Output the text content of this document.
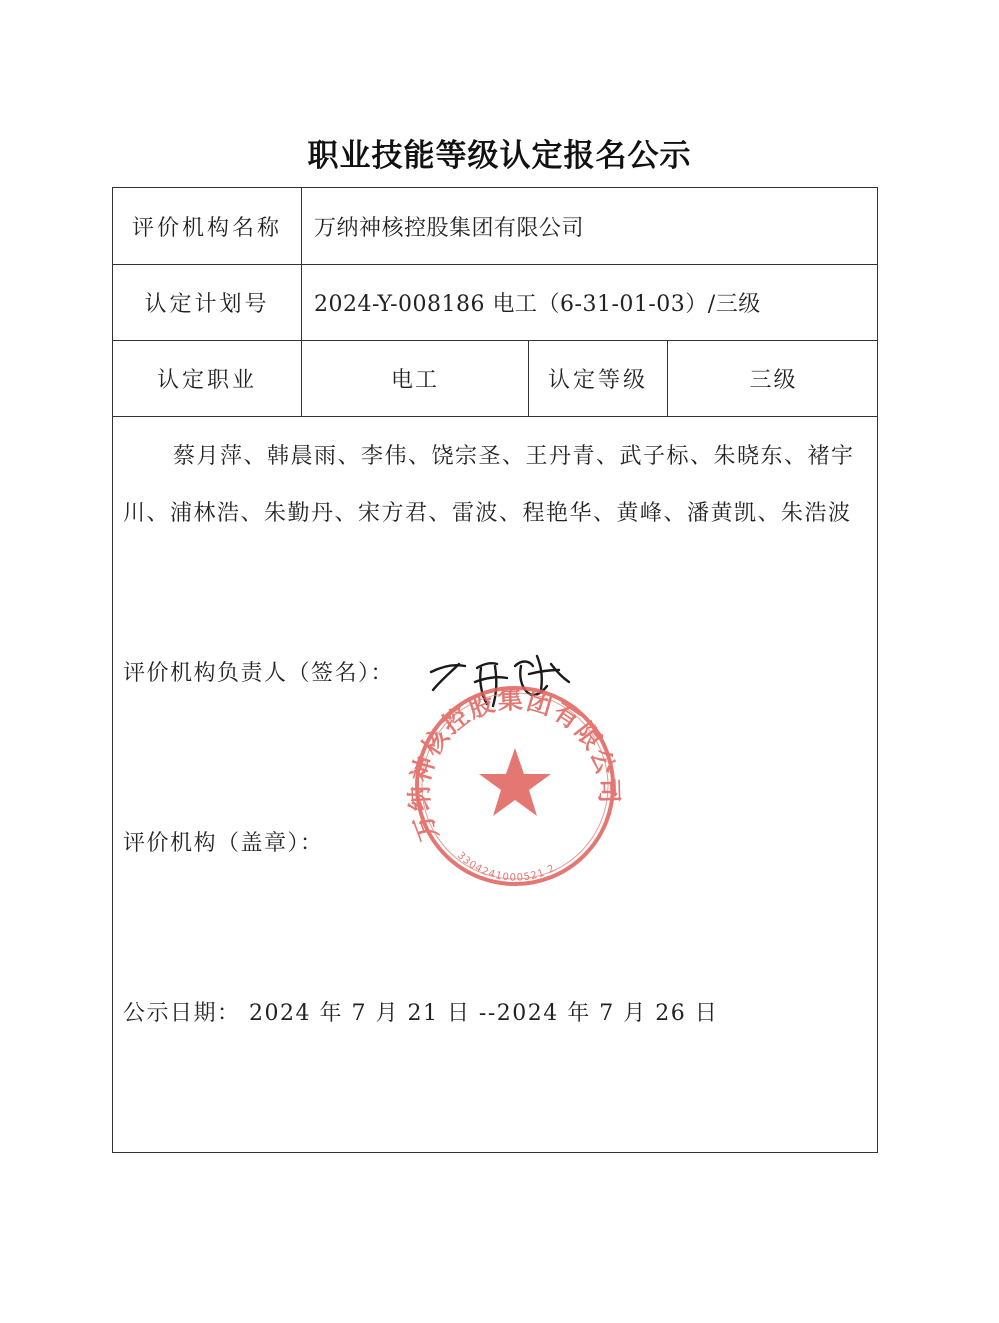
职业技能等级认定报名公示
评价机构名称	万纳神核控股集团有限公司
认定计划号	2024-Y-008186 电工（6-31-01-03）/三级
认定职业	电工	认定等级	三级
蔡月萍、韩晨雨、李伟、饶宗圣、王丹青、武子标、朱晓东、褚宇川、浦林浩、朱勤丹、宋方君、雷波、程艳华、黄峰、潘黄凯、朱浩波
评价机构负责人（签名）：
万纳神核控股集团有限公司
3304241000521 2
评价机构（盖章）：
公示日期： 2024 年 7 月 21 日 --2024 年 7 月 26 日
